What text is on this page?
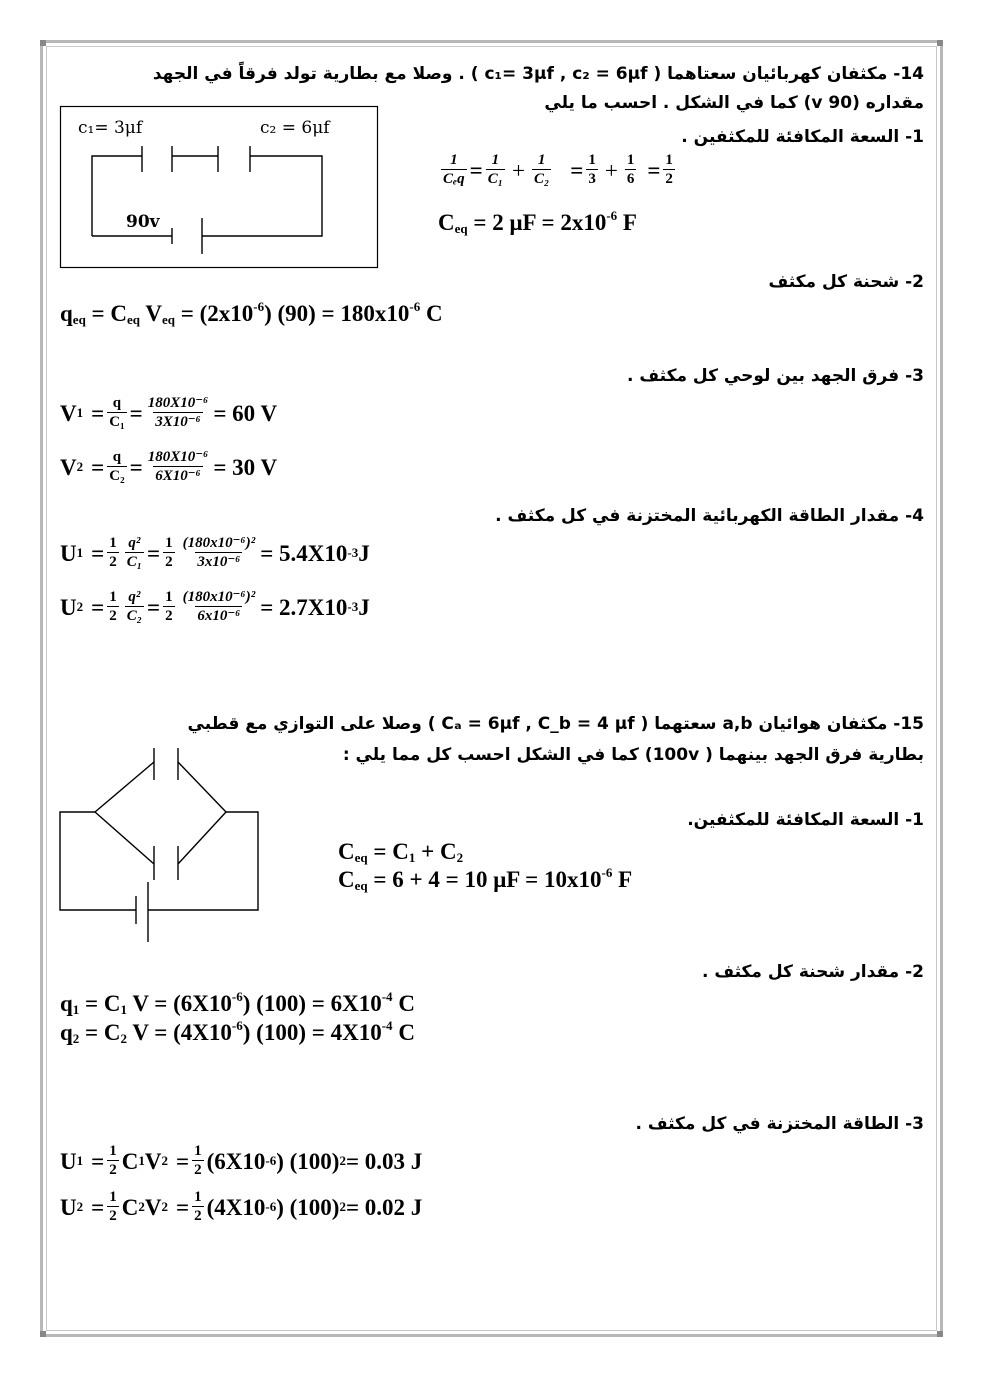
14- مكثفان كهربائيان سعتاهما ( c₁= 3μf , c₂ = 6μf ) . وصلا مع بطارية تولد فرقاً في الجهد
مقداره (v 90) كما في الشكل . احسب ما يلي
c₁= 3μf	c₂ = 6μf
90v
1- السعة المكافئة للمكثفين .
$\frac{1}{\text{Cₑq}} = \frac{1}{\text{C₁}} + \frac{1}{\text{C₂}} = \frac{1}{3} + \frac{1}{6} = \frac{1}{2}$
$C_{eq} = 2$ $\mu F = 2x10^{-6}$ F
2- شحنة كل مكثف
$q_{eq} = C_{eq}$ $V_{eq} = (2x10^{-6}) (90) = 180x10^{-6}$ C
3- فرق الجهد بين لوحي كل مكثف .
V $1 = \frac{q}{\text{C₁}} = \frac{\text{180X10⁻⁶}}{\text{3X10⁻⁶}} = 60$ V
V $2 = \frac{q}{\text{C₂}} = \frac{\text{180X10⁻⁶}}{\text{6X10⁻⁶}} = 30$ V
4- مقدار الطاقة الكهربائية المختزنة في كل مكثف .
U $1 = \frac{1}{2} \frac{\text{q²}}{\text{C₁}} = \frac{1}{2} \frac{\text{(180x10⁻⁶)²}}{\text{3x10⁻⁶}} = 5.4X10$ -3 J
U $2 = \frac{1}{2} \frac{\text{q²}}{\text{C₂}} = \frac{1}{2} \frac{\text{(180x10⁻⁶)²}}{\text{6x10⁻⁶}} = 2.7X10$ -3 J
15- مكثفان هوائيان a,b سعتهما ( Cₐ = 6μf , C_b = 4 μf ) وصلا على التوازي مع قطبي
بطارية فرق الجهد بينهما ( 100v) كما في الشكل احسب كل مما يلي :
1- السعة المكافئة للمكثفين.
$C_{eq} = C_1 + C_2$
$C_{eq} = 6 + 4 = 10$ $\mu F = 10x10^{-6}$ F
2- مقدار شحنة كل مكثف .
$q_1 = C_1$ $V = (6X10^{-6}) (100) = 6X10^{-4}$ C
$q_2 = C_2$ $V = (4X10^{-6}) (100) = 4X10^{-4}$ C
3- الطاقة المختزنة في كل مكثف .
U $1 = \frac{1}{2}$ C 1 V $2 = \frac{1}{2} (6X10$ -6 ) (100) 2 = 0.03 J
U $2 = \frac{1}{2}$ C 2 V $2 = \frac{1}{2} (4X10$ -6 ) (100) 2 = 0.02 J
